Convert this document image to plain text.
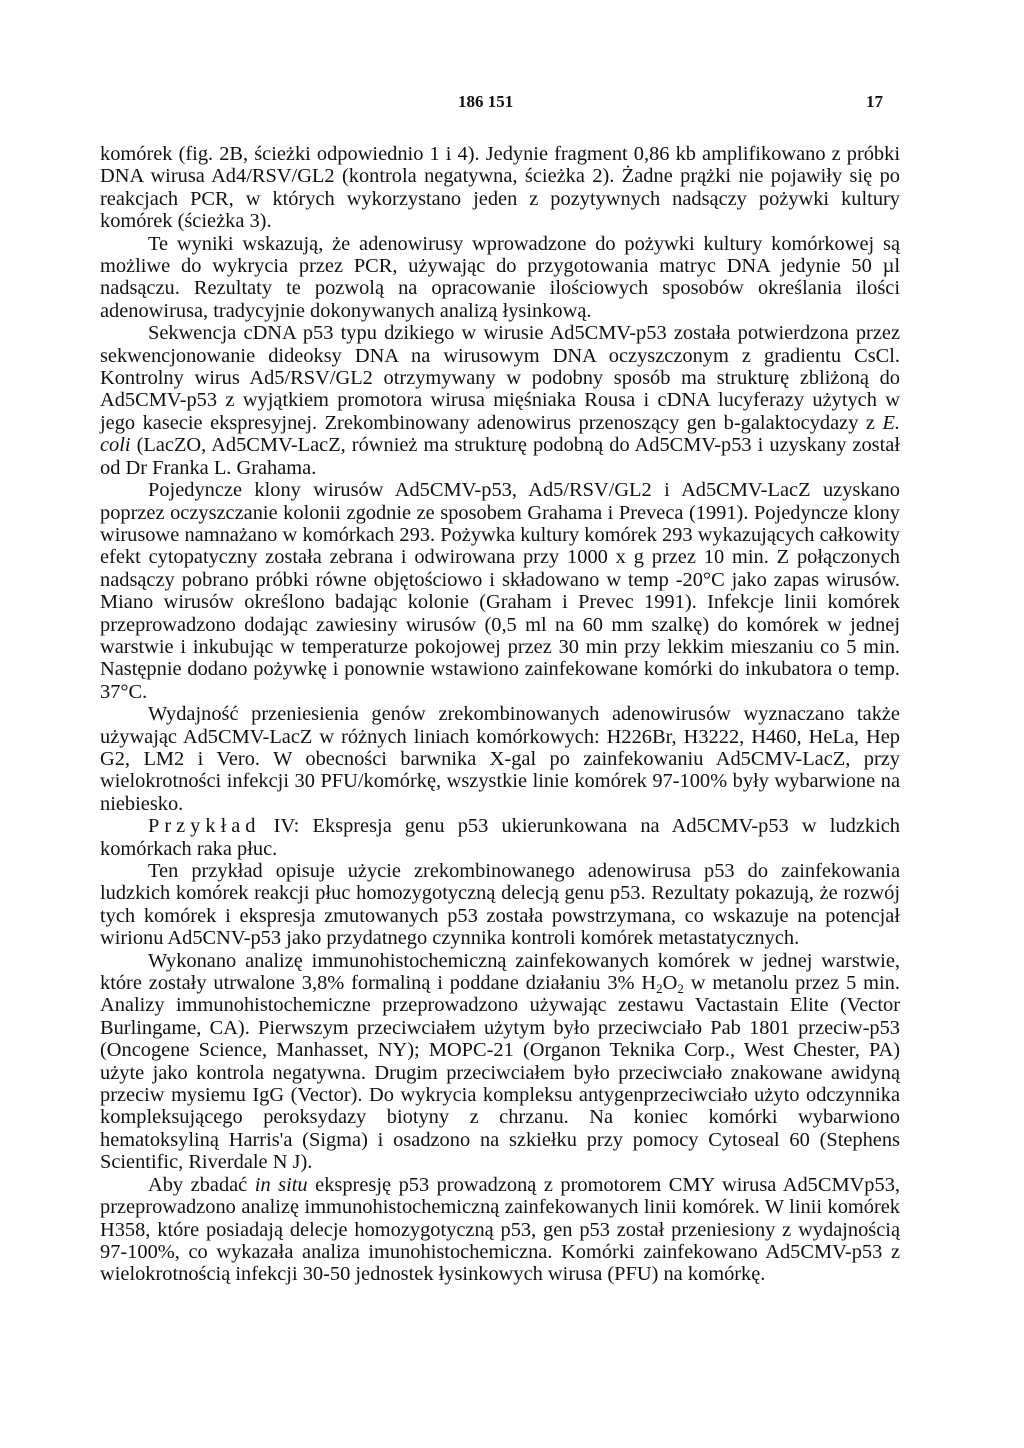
186 151	17

komórek (fig. 2B, ścieżki odpowiednio 1 i 4). Jedynie fragment 0,86 kb amplifikowano z próbki DNA wirusa Ad4/RSV/GL2 (kontrola negatywna, ścieżka 2). Żadne prążki nie pojawiły się po reakcjach PCR, w których wykorzystano jeden z pozytywnych nadsączy pożywki kultury komórek (ścieżka 3).

Te wyniki wskazują, że adenowirusy wprowadzone do pożywki kultury komórkowej są możliwe do wykrycia przez PCR, używając do przygotowania matryc DNA jedynie 50 µl nadsączu. Rezultaty te pozwolą na opracowanie ilościowych sposobów określania ilości adenowirusa, tradycyjnie dokonywanych analizą łysinkową.

Sekwencja cDNA p53 typu dzikiego w wirusie Ad5CMV-p53 została potwierdzona przez sekwencjonowanie dideoksy DNA na wirusowym DNA oczyszczonym z gradientu CsCl. Kontrolny wirus Ad5/RSV/GL2 otrzymywany w podobny sposób ma strukturę zbliżoną do Ad5CMV-p53 z wyjątkiem promotora wirusa mięśniaka Rousa i cDNA lucyferazy użytych w jego kasecie ekspresyjnej. Zrekombinowany adenowirus przenoszący gen b-galaktocydazy z E. coli (LacZO, Ad5CMV-LacZ, również ma strukturę podobną do Ad5CMV-p53 i uzyskany został od Dr Franka L. Grahama.

Pojedyncze klony wirusów Ad5CMV-p53, Ad5/RSV/GL2 i Ad5CMV-LacZ uzyskano poprzez oczyszczanie kolonii zgodnie ze sposobem Grahama i Preveca (1991). Pojedyncze klony wirusowe namnażano w komórkach 293. Pożywka kultury komórek 293 wykazujących całkowity efekt cytopatyczny została zebrana i odwirowana przy 1000 x g przez 10 min. Z połączonych nadsączy pobrano próbki równe objętościowo i składowano w temp -20°C jako zapas wirusów. Miano wirusów określono badając kolonie (Graham i Prevec 1991). Infekcje linii komórek przeprowadzono dodając zawiesiny wirusów (0,5 ml na 60 mm szalkę) do komórek w jednej warstwie i inkubując w temperaturze pokojowej przez 30 min przy lekkim mieszaniu co 5 min. Następnie dodano pożywkę i ponownie wstawiono zainfekowane komórki do inkubatora o temp. 37°C.

Wydajność przeniesienia genów zrekombinowanych adenowirusów wyznaczano także używając Ad5CMV-LacZ w różnych liniach komórkowych: H226Br, H3222, H460, HeLa, Hep G2, LM2 i Vero. W obecności barwnika X-gal po zainfekowaniu Ad5CMV-LacZ, przy wielokrotności infekcji 30 PFU/komórkę, wszystkie linie komórek 97-100% były wybarwione na niebiesko.

Przykład IV: Ekspresja genu p53 ukierunkowana na Ad5CMV-p53 w ludzkich komórkach raka płuc.

Ten przykład opisuje użycie zrekombinowanego adenowirusa p53 do zainfekowania ludzkich komórek reakcji płuc homozygotyczną delecją genu p53. Rezultaty pokazują, że rozwój tych komórek i ekspresja zmutowanych p53 została powstrzymana, co wskazuje na potencjał wirionu Ad5CNV-p53 jako przydatnego czynnika kontroli komórek metastatycznych.

Wykonano analizę immunohistochemiczną zainfekowanych komórek w jednej warstwie, które zostały utrwalone 3,8% formaliną i poddane działaniu 3% $H_2O_2$ w metanolu przez 5 min. Analizy immunohistochemiczne przeprowadzono używając zestawu Vactastain Elite (Vector Burlingame, CA). Pierwszym przeciwciałem użytym było przeciwciało Pab 1801 przeciw-p53 (Oncogene Science, Manhasset, NY); MOPC-21 (Organon Teknika Corp., West Chester, PA) użyte jako kontrola negatywna. Drugim przeciwciałem było przeciwciało znakowane awidyną przeciw mysiemu IgG (Vector). Do wykrycia kompleksu antygenprzeciwciało użyto odczynnika kompleksującego peroksydazy biotyny z chrzanu. Na koniec komórki wybarwiono hematoksyliną Harris'a (Sigma) i osadzono na szkiełku przy pomocy Cytoseal 60 (Stephens Scientific, Riverdale N J).

Aby zbadać in situ ekspresję p53 prowadzoną z promotorem CMY wirusa Ad5CMVp53, przeprowadzono analizę immunohistochemiczną zainfekowanych linii komórek. W linii komórek H358, które posiadają delecje homozygotyczną p53, gen p53 został przeniesiony z wydajnością 97-100%, co wykazała analiza imunohistochemiczna. Komórki zainfekowano Ad5CMV-p53 z wielokrotnością infekcji 30-50 jednostek łysinkowych wirusa (PFU) na komórkę.
